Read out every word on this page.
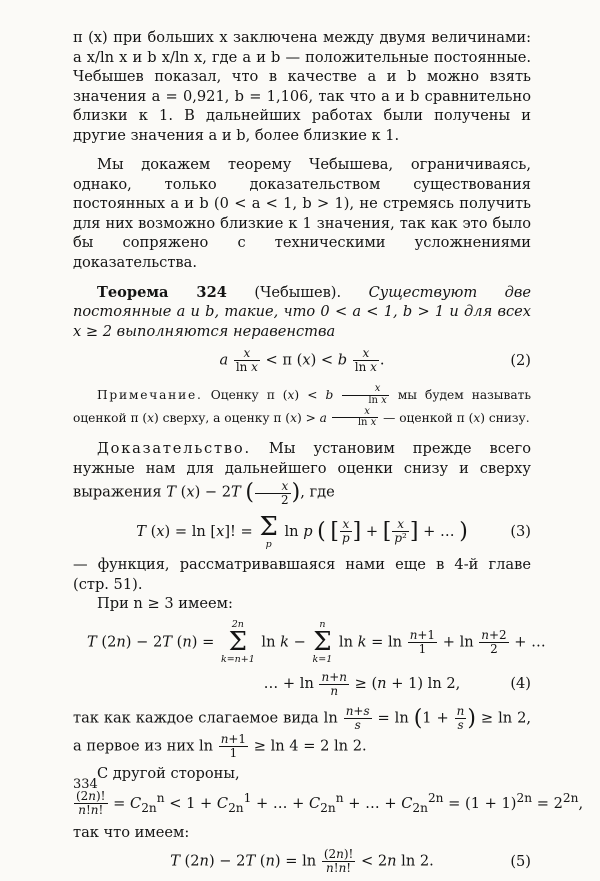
π (x) при больших x заключена между двумя величинами: a x/ln x и b x/ln x, где a и b — положительные постоянные. Чебышев показал, что в качестве a и b можно взять значения a = 0,921, b = 1,106, так что a и b сравнительно близки к 1. В дальнейших работах были получены и другие значения a и b, более близкие к 1.

Мы докажем теорему Чебышева, ограничиваясь, однако, только доказательством существования постоянных a и b (0 < a < 1, b > 1), не стремясь получить для них возможно близкие к 1 значения, так как это было бы сопряжено с техническими усложнениями доказательства.

Теорема 324 (Чебышев). Существуют две постоянные a и b, такие, что 0 < a < 1, b > 1 и для всех x ≥ 2 выполняются неравенства

a $\frac{x}{\text{ln x}} < \pi$ (x) < b $\frac{x}{\text{ln x}}$ .	(2)

Примечание. Оценку π (x) < b $\frac{x}{\text{ln x}}$ мы будем называть оценкой π (x) сверху, а оценку π (x) > a $\frac{x}{\text{ln x}}$ — оценкой π (x) снизу.

Доказательство. Мы установим прежде всего нужные нам для дальнейшего оценки снизу и сверху выражения T (x) − 2T ( $\frac{x}{2}$ ), где

T (x) = ln [x]! = Σ
p
ln p ( [ $\frac{x}{p}$ ] + [ $\frac{x}{\text{p²}}$ ] + … )	(3)

— функция, рассматривавшаяся нами еще в 4-й главе (стр. 51).

При n ≥ 3 имеем:

T (2n) − 2T (n) =
2n
Σ
k=n+1
ln k −
n
Σ
k=1
$\ln k = \ln \frac{n+1}{1} + \ln \frac{n+2}{2}$ + …
… + $\ln \frac{n+n}{n} \ge (n + 1)$ ln 2,	(4)

так как каждое слагаемое вида $\ln \frac{n+s}{s} = \ln (1 + \frac{n}{s}$ ) ≥ ln 2, а первое из них $\ln \frac{n+1}{1} \ge \ln 4 = 2$ ln 2.

С другой стороны,

$\frac{(2n)!}{n!n!} = C_{2n}^n < 1 + C_{2n}^1$ + … + $C_{2n}^n$ + … + $C_{2n}^{2n} = (1 + 1)^{2n} = 2^{2n}$,

так что имеем:

T (2n) − 2T $(n) = \ln \frac{(2n)!}{n!n!} < 2n$ ln 2.	(5)
334
